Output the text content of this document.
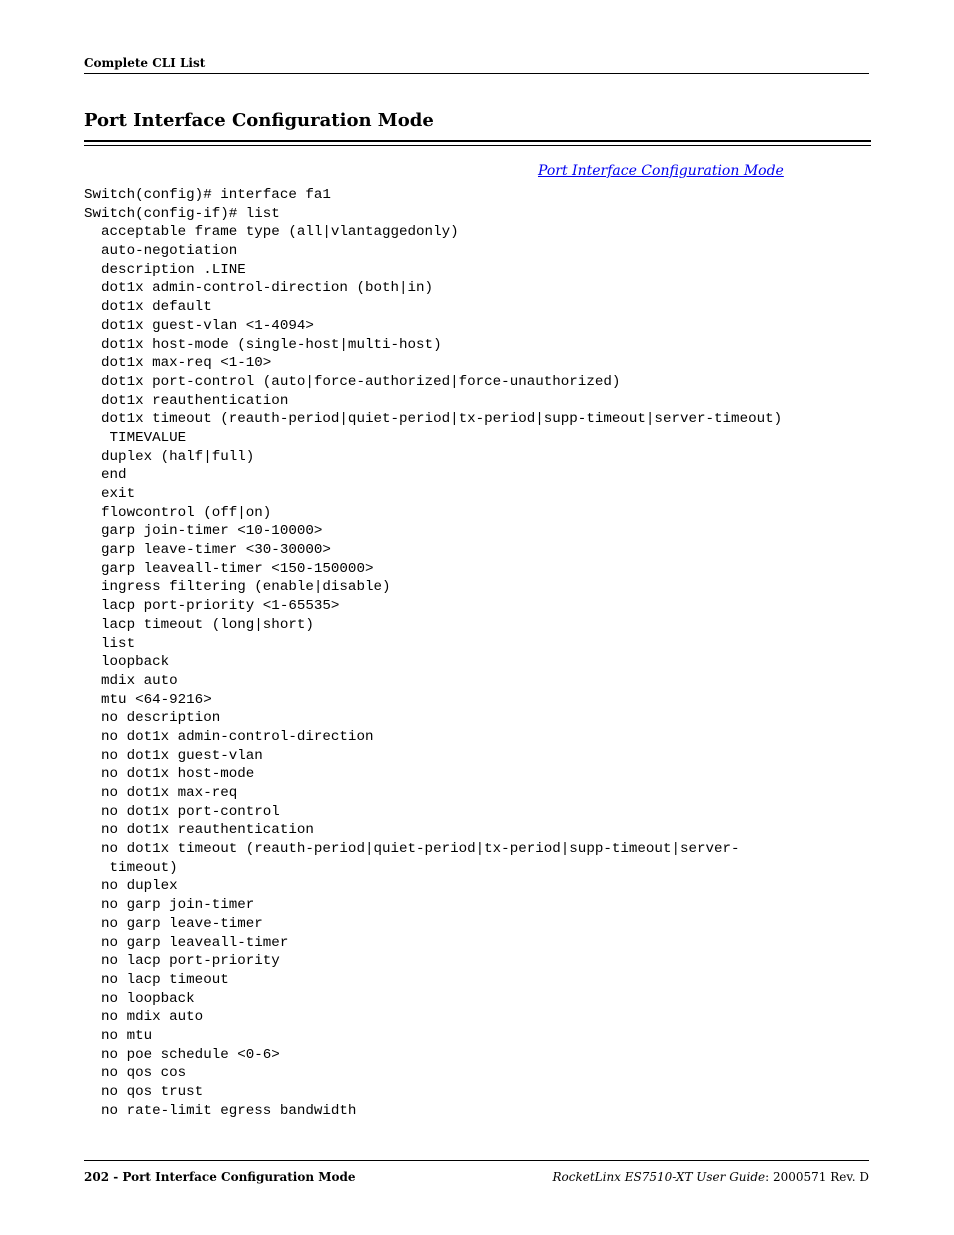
Complete CLI List
Port Interface Configuration Mode
Port Interface Configuration Mode
Switch(config)# interface fa1
Switch(config-if)# list
acceptable frame type (all|vlantaggedonly)
auto-negotiation
description .LINE
dot1x admin-control-direction (both|in)
dot1x default
dot1x guest-vlan <1-4094>
dot1x host-mode (single-host|multi-host)
dot1x max-req <1-10>
dot1x port-control (auto|force-authorized|force-unauthorized)
dot1x reauthentication
dot1x timeout (reauth-period|quiet-period|tx-period|supp-timeout|server-timeout)
TIMEVALUE
duplex (half|full)
end
exit
flowcontrol (off|on)
garp join-timer <10-10000>
garp leave-timer <30-30000>
garp leaveall-timer <150-150000>
ingress filtering (enable|disable)
lacp port-priority <1-65535>
lacp timeout (long|short)
list
loopback
mdix auto
mtu <64-9216>
no description
no dot1x admin-control-direction
no dot1x guest-vlan
no dot1x host-mode
no dot1x max-req
no dot1x port-control
no dot1x reauthentication
no dot1x timeout (reauth-period|quiet-period|tx-period|supp-timeout|server-
timeout)
no duplex
no garp join-timer
no garp leave-timer
no garp leaveall-timer
no lacp port-priority
no lacp timeout
no loopback
no mdix auto
no mtu
no poe schedule <0-6>
no qos cos
no qos trust
no rate-limit egress bandwidth
202 - Port Interface Configuration Mode	RocketLinx ES7510-XT User Guide: 2000571 Rev. D
